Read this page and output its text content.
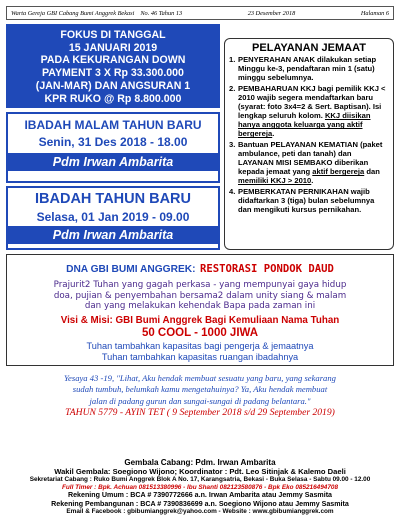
Warta Gereja GBI Cabang Bumi Anggrek Bekasi No. 46 Tahun 13	23 Desember 2018	Halaman 6
FOKUS DI TANGGAL
15 JANUARI 2019
PADA KEKURANGAN DOWN
PAYMENT 3 X Rp 33.300.000
(JAN-MAR) DAN ANGSURAN 1
KPR RUKO @ Rp 8.800.000
IBADAH MALAM TAHUN BARU
Senin, 31 Des 2018 - 18.00
Pdm Irwan Ambarita
IBADAH TAHUN BARU
Selasa, 01 Jan 2019 - 09.00
Pdm Irwan Ambarita
PELAYANAN JEMAAT
1. PENYERAHAN ANAK dilakukan setiap Minggu ke-3, pendaftaran min 1 (satu) minggu sebelumnya.
2. PEMBAHARUAN KKJ bagi pemilik KKJ < 2010 wajib segera mendaftarkan baru (syarat: foto 3x4=2 & Sert. Baptisan). Isi lengkap seluruh kolom. KKJ diisikan hanya anggota keluarga yang aktif bergereja.
3. Bantuan PELAYANAN KEMATIAN (paket ambulance, peti dan tanah) dan LAYANAN MISI SEMBAKO diberikan kepada jemaat yang aktif bergereja dan memiliki KKJ > 2010.
4. PEMBERKATAN PERNIKAHAN wajib didaftarkan 3 (tiga) bulan sebelumnya dan mengikuti kursus pernikahan.
DNA GBI BUMI ANGGREK: RESTORASI PONDOK DAUD
Prajurit2 Tuhan yang gagah perkasa - yang mempunyai gaya hidup
doa, pujian & penyembahan bersama2 dalam unity siang & malam
dan yang melakukan kehendak Bapa pada zaman ini
Visi & Misi: GBI Bumi Anggrek Bagi Kemuliaan Nama Tuhan
50 COOL - 1000 JIWA
Tuhan tambahkan kapasitas bagi pengerja & jemaatnya
Tuhan tambahkan kapasitas ruangan ibadahnya
Yesaya 43 -19, "Lihat, Aku hendak membuat sesuatu yang baru, yang sekarang
sudah tumbuh, belumkah kamu mengetahuinya? Ya, Aku hendak membuat
jalan di padang gurun dan sungai-sungai di padang belantara."
TAHUN 5779 - AYIN TET ( 9 September 2018 s/d 29 September 2019)
Gembala Cabang: Pdm. Irwan Ambarita
Wakil Gembala: Soegiono Wijono; Koordinator : Pdt. Leo Sitinjak & Kalemo Daeli
Sekretariat Cabang : Ruko Bumi Anggrek Blok A No. 17, Karangsatria, Bekasi - Buka Selasa - Sabtu 09.00 - 12.00
Full Timer : Bpk. Achuan 081513380996 - Ibu Shanti 082123580876 - Bpk Eko 085216494708
Rekening Umum : BCA # 7390772666 a.n. Irwan Ambarita atau Jemmy Sasmita
Rekening Pembangunan : BCA # 7390836699 a.n. Soegiono Wijono atau Jemmy Sasmita
Email & Facebook : gbibumianggrek@yahoo.com - Website : www.gbibumianggrek.com
